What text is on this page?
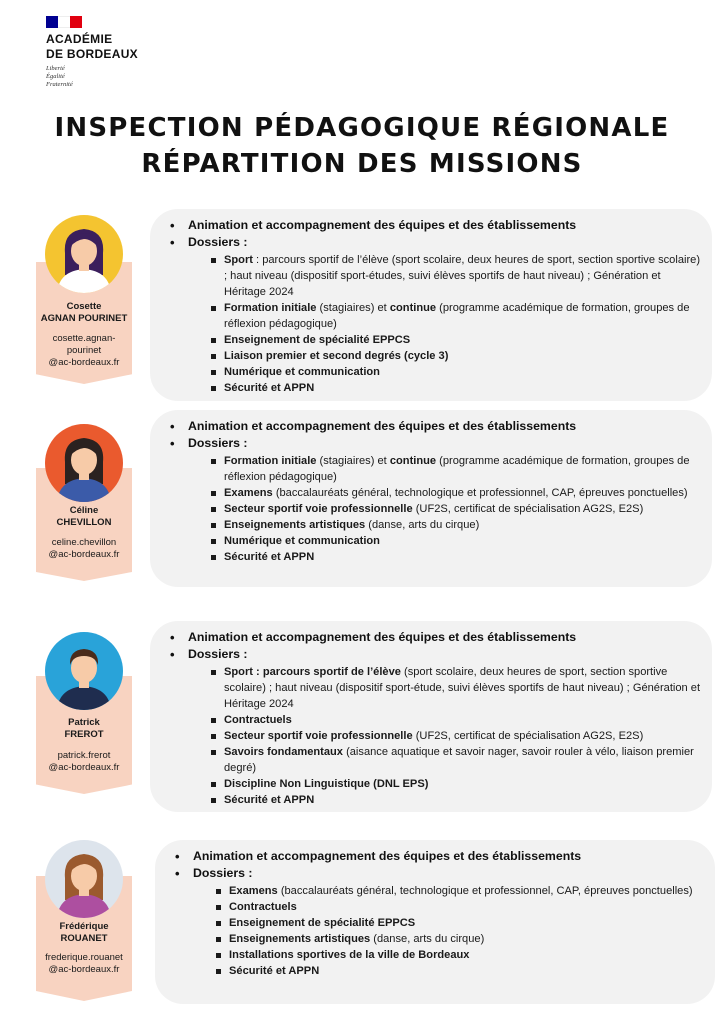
ACADÉMIE
DE BORDEAUX
Liberté
Égalité
Fraternité
INSPECTION PÉDAGOGIQUE RÉGIONALE
RÉPARTITION DES MISSIONS
Cosette
AGNAN POURINET
cosette.agnan-
pourinet
@ac-bordeaux.fr
• Animation et accompagnement des équipes et des établissements
• Dossiers :
Sport : parcours sportif de l’élève (sport scolaire, deux heures de sport, section sportive scolaire) ; haut niveau (dispositif sport-études, suivi élèves sportifs de haut niveau) ; Génération et Héritage 2024
Formation initiale (stagiaires) et continue (programme académique de formation, groupes de réflexion pédagogique)
Enseignement de spécialité EPPCS
Liaison premier et second degrés (cycle 3)
Numérique et communication
Sécurité et APPN
Céline
CHEVILLON
celine.chevillon
@ac-bordeaux.fr
• Animation et accompagnement des équipes et des établissements
• Dossiers :
Formation initiale (stagiaires) et continue (programme académique de formation, groupes de réflexion pédagogique)
Examens (baccalauréats général, technologique et professionnel, CAP, épreuves ponctuelles)
Secteur sportif voie professionnelle (UF2S, certificat de spécialisation AG2S, E2S)
Enseignements artistiques (danse, arts du cirque)
Numérique et communication
Sécurité et APPN
Patrick
FREROT
patrick.frerot
@ac-bordeaux.fr
• Animation et accompagnement des équipes et des établissements
• Dossiers :
Sport : parcours sportif de l’élève (sport scolaire, deux heures de sport, section sportive scolaire) ; haut niveau (dispositif sport-étude, suivi élèves sportifs de haut niveau) ; Génération et Héritage 2024
Contractuels
Secteur sportif voie professionnelle (UF2S, certificat de spécialisation AG2S, E2S)
Savoirs fondamentaux (aisance aquatique et savoir nager, savoir rouler à vélo, liaison premier degré)
Discipline Non Linguistique (DNL EPS)
Sécurité et APPN
Frédérique
ROUANET
frederique.rouanet
@ac-bordeaux.fr
• Animation et accompagnement des équipes et des établissements
• Dossiers :
Examens (baccalauréats général, technologique et professionnel, CAP, épreuves ponctuelles)
Contractuels
Enseignement de spécialité EPPCS
Enseignements artistiques (danse, arts du cirque)
Installations sportives de la ville de Bordeaux
Sécurité et APPN
